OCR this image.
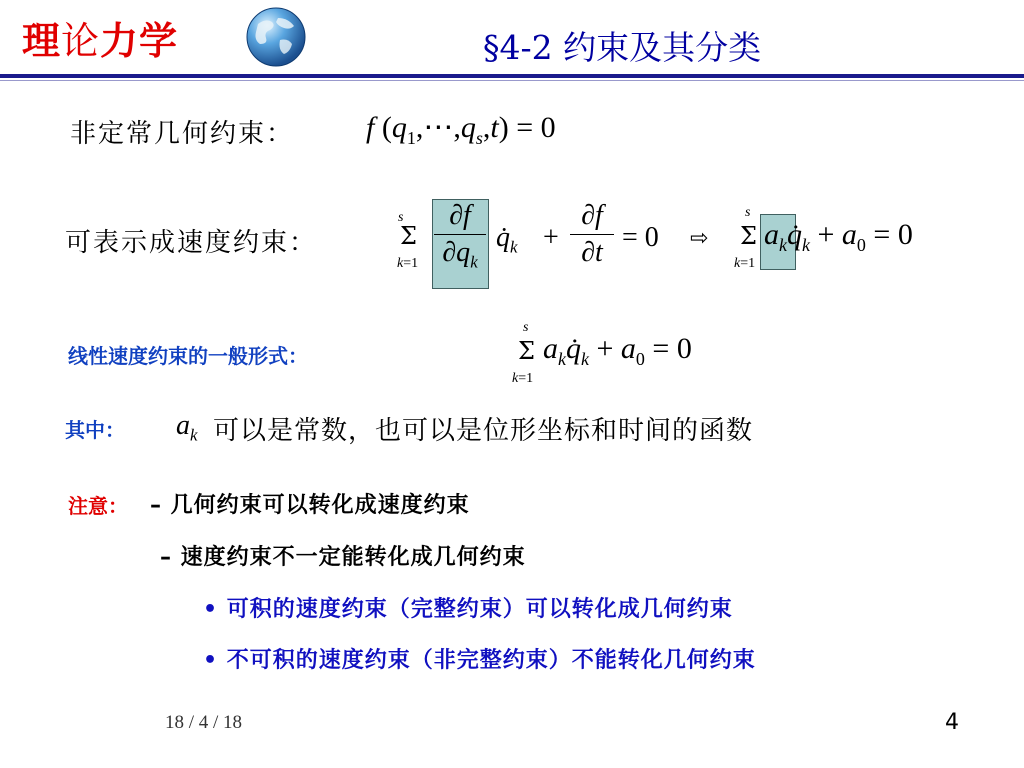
理论力学	§4-2 约束及其分类
非定常几何约束： f $(q_1,\cdots,q_s,t) = 0$
可表示成速度约束：
s
Σ
k=1
∂f
$\partial q_k$
$q̇_k$ +
∂f
∂t = 0 ⇨
s
Σ
k=1
$a_kq̇_k + a_0 = 0$
线性速度约束的一般形式：
s
Σ
k=1
$a_kq̇_k + a_0 = 0$
其中： $a_k$ 可以是常数，也可以是位形坐标和时间的函数
注意： – 几何约束可以转化成速度约束
– 速度约束不一定能转化成几何约束
• 可积的速度约束（完整约束）可以转化成几何约束
• 不可积的速度约束（非完整约束）不能转化几何约束
18 / 4 / 18	4
